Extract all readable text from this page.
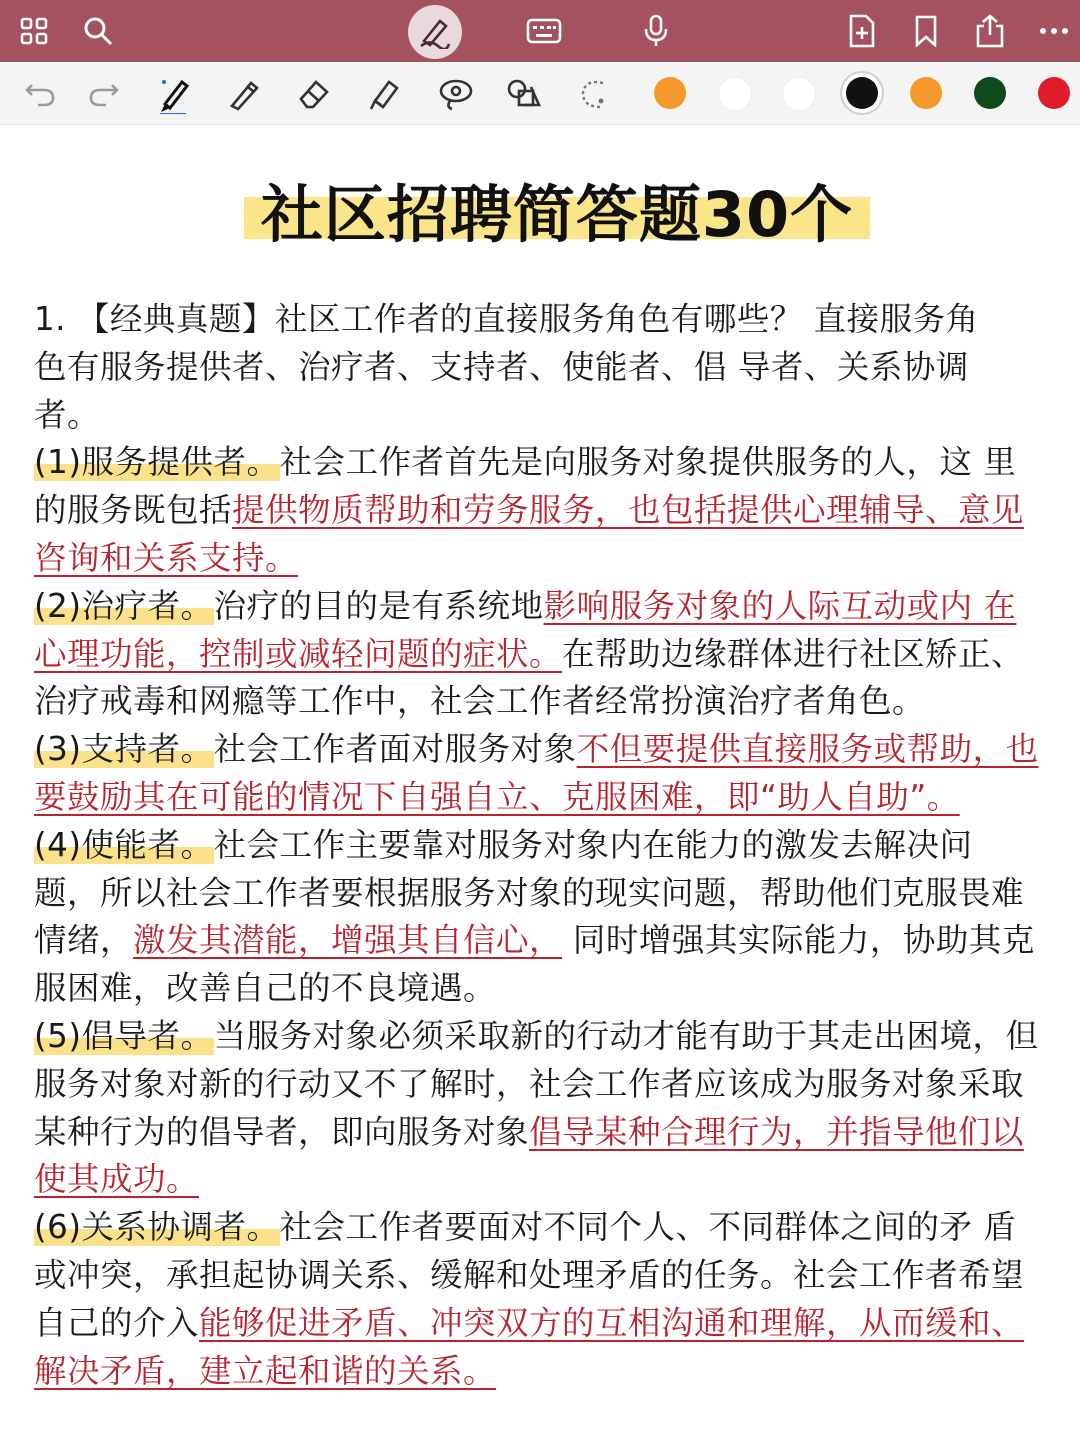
社区招聘简答题30个

1. 【经典真题】社区工作者的直接服务角色有哪些？ 直接服务角
色有服务提供者、治疗者、支持者、使能者、倡 导者、关系协调
者。

(1)服务提供者。社会工作者首先是向服务对象提供服务的人，这 里的服务既包括提供物质帮助和劳务服务，也包括提供心理辅导、意见咨询和关系支持。

(2)治疗者。治疗的目的是有系统地影响服务对象的人际互动或内 在心理功能，控制或减轻问题的症状。在帮助边缘群体进行社区矫正、治疗戒毒和网瘾等工作中，社会工作者经常扮演治疗者角色。

(3)支持者。社会工作者面对服务对象不但要提供直接服务或帮助，也要鼓励其在可能的情况下自强自立、克服困难，即“助人自助”。

(4)使能者。社会工作主要靠对服务对象内在能力的激发去解决问 题，所以社会工作者要根据服务对象的现实问题，帮助他们克服畏难情绪，激发其潜能，增强其自信心， 同时增强其实际能力，协助其克服困难，改善自己的不良境遇。

(5)倡导者。当服务对象必须采取新的行动才能有助于其走出困境，但服务对象对新的行动又不了解时，社会工作者应该成为服务对象采取某种行为的倡导者，即向服务对象倡导某种合理行为，并指导他们以使其成功。

(6)关系协调者。社会工作者要面对不同个人、不同群体之间的矛 盾或冲突，承担起协调关系、缓解和处理矛盾的任务。社会工作者希望自己的介入能够促进矛盾、冲突双方的互相沟通和理解，从而缓和、解决矛盾，建立起和谐的关系。
